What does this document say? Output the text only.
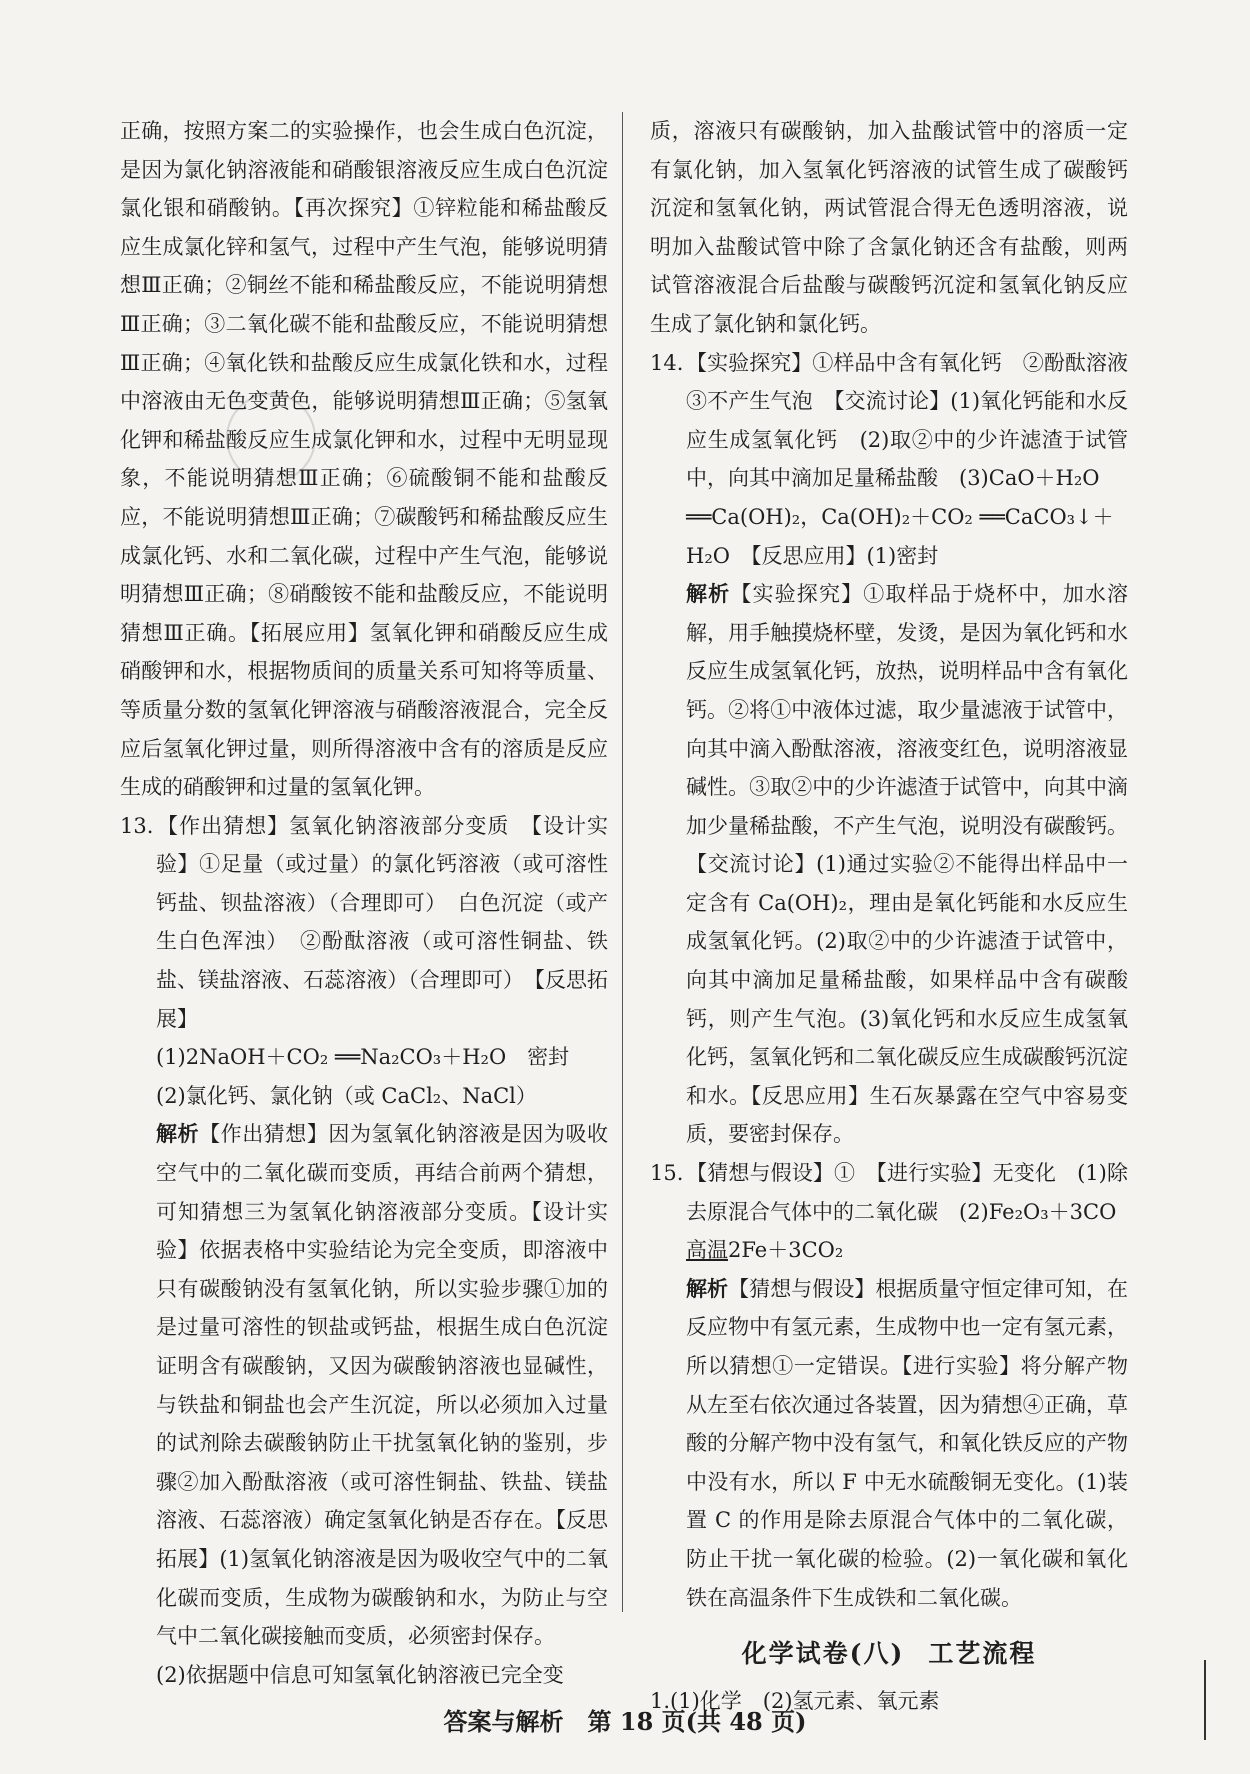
正确，按照方案二的实验操作，也会生成白色沉淀，是因为氯化钠溶液能和硝酸银溶液反应生成白色沉淀氯化银和硝酸钠。【再次探究】①锌粒能和稀盐酸反应生成氯化锌和氢气，过程中产生气泡，能够说明猜想Ⅲ正确；②铜丝不能和稀盐酸反应，不能说明猜想Ⅲ正确；③二氧化碳不能和盐酸反应，不能说明猜想Ⅲ正确；④氧化铁和盐酸反应生成氯化铁和水，过程中溶液由无色变黄色，能够说明猜想Ⅲ正确；⑤氢氧化钾和稀盐酸反应生成氯化钾和水，过程中无明显现象，不能说明猜想Ⅲ正确；⑥硫酸铜不能和盐酸反应，不能说明猜想Ⅲ正确；⑦碳酸钙和稀盐酸反应生成氯化钙、水和二氧化碳，过程中产生气泡，能够说明猜想Ⅲ正确；⑧硝酸铵不能和盐酸反应，不能说明猜想Ⅲ正确。【拓展应用】氢氧化钾和硝酸反应生成硝酸钾和水，根据物质间的质量关系可知将等质量、等质量分数的氢氧化钾溶液与硝酸溶液混合，完全反应后氢氧化钾过量，则所得溶液中含有的溶质是反应生成的硝酸钾和过量的氢氧化钾。

13. 【作出猜想】氢氧化钠溶液部分变质　【设计实验】①足量（或过量）的氯化钙溶液（或可溶性钙盐、钡盐溶液）（合理即可）　白色沉淀（或产生白色浑浊）　②酚酞溶液（或可溶性铜盐、铁盐、镁盐溶液、石蕊溶液）（合理即可）　【反思拓展】
(1)2NaOH＋CO₂ ══Na₂CO₃＋H₂O　密封
(2)氯化钙、氯化钠（或 CaCl₂、NaCl）
解析【作出猜想】因为氢氧化钠溶液是因为吸收空气中的二氧化碳而变质，再结合前两个猜想，可知猜想三为氢氧化钠溶液部分变质。【设计实验】依据表格中实验结论为完全变质，即溶液中只有碳酸钠没有氢氧化钠，所以实验步骤①加的是过量可溶性的钡盐或钙盐，根据生成白色沉淀证明含有碳酸钠，又因为碳酸钠溶液也显碱性，与铁盐和铜盐也会产生沉淀，所以必须加入过量的试剂除去碳酸钠防止干扰氢氧化钠的鉴别，步骤②加入酚酞溶液（或可溶性铜盐、铁盐、镁盐溶液、石蕊溶液）确定氢氧化钠是否存在。【反思拓展】(1)氢氧化钠溶液是因为吸收空气中的二氧化碳而变质，生成物为碳酸钠和水，为防止与空气中二氧化碳接触而变质，必须密封保存。
(2)依据题中信息可知氢氧化钠溶液已完全变

质，溶液只有碳酸钠，加入盐酸试管中的溶质一定有氯化钠，加入氢氧化钙溶液的试管生成了碳酸钙沉淀和氢氧化钠，两试管混合得无色透明溶液，说明加入盐酸试管中除了含氯化钠还含有盐酸，则两试管溶液混合后盐酸与碳酸钙沉淀和氢氧化钠反应生成了氯化钠和氯化钙。

14. 【实验探究】①样品中含有氧化钙　②酚酞溶液　③不产生气泡　【交流讨论】(1)氧化钙能和水反应生成氢氧化钙　(2)取②中的少许滤渣于试管中，向其中滴加足量稀盐酸　(3)CaO＋H₂O
══Ca(OH)₂，Ca(OH)₂＋CO₂ ══CaCO₃↓＋
H₂O　【反思应用】(1)密封
解析【实验探究】①取样品于烧杯中，加水溶解，用手触摸烧杯壁，发烫，是因为氧化钙和水反应生成氢氧化钙，放热，说明样品中含有氧化钙。②将①中液体过滤，取少量滤液于试管中，向其中滴入酚酞溶液，溶液变红色，说明溶液显碱性。③取②中的少许滤渣于试管中，向其中滴加少量稀盐酸，不产生气泡，说明没有碳酸钙。【交流讨论】(1)通过实验②不能得出样品中一定含有 Ca(OH)₂，理由是氧化钙能和水反应生成氢氧化钙。(2)取②中的少许滤渣于试管中，向其中滴加足量稀盐酸，如果样品中含有碳酸钙，则产生气泡。(3)氧化钙和水反应生成氢氧化钙，氢氧化钙和二氧化碳反应生成碳酸钙沉淀和水。【反思应用】生石灰暴露在空气中容易变质，要密封保存。
15. 【猜想与假设】①　【进行实验】无变化　(1)除去原混合气体中的二氧化碳　(2)Fe₂O₃＋3CO
高温2Fe＋3CO₂
解析【猜想与假设】根据质量守恒定律可知，在反应物中有氢元素，生成物中也一定有氢元素，所以猜想①一定错误。【进行实验】将分解产物从左至右依次通过各装置，因为猜想④正确，草酸的分解产物中没有氢气，和氧化铁反应的产物中没有水，所以 F 中无水硫酸铜无变化。(1)装置 C 的作用是除去原混合气体中的二氧化碳，防止干扰一氧化碳的检验。(2)一氧化碳和氧化铁在高温条件下生成铁和二氧化碳。
化学试卷(八) 工艺流程

1.(1)化学　(2)氢元素、氧元素

答案与解析　第 18 页(共 48 页)
